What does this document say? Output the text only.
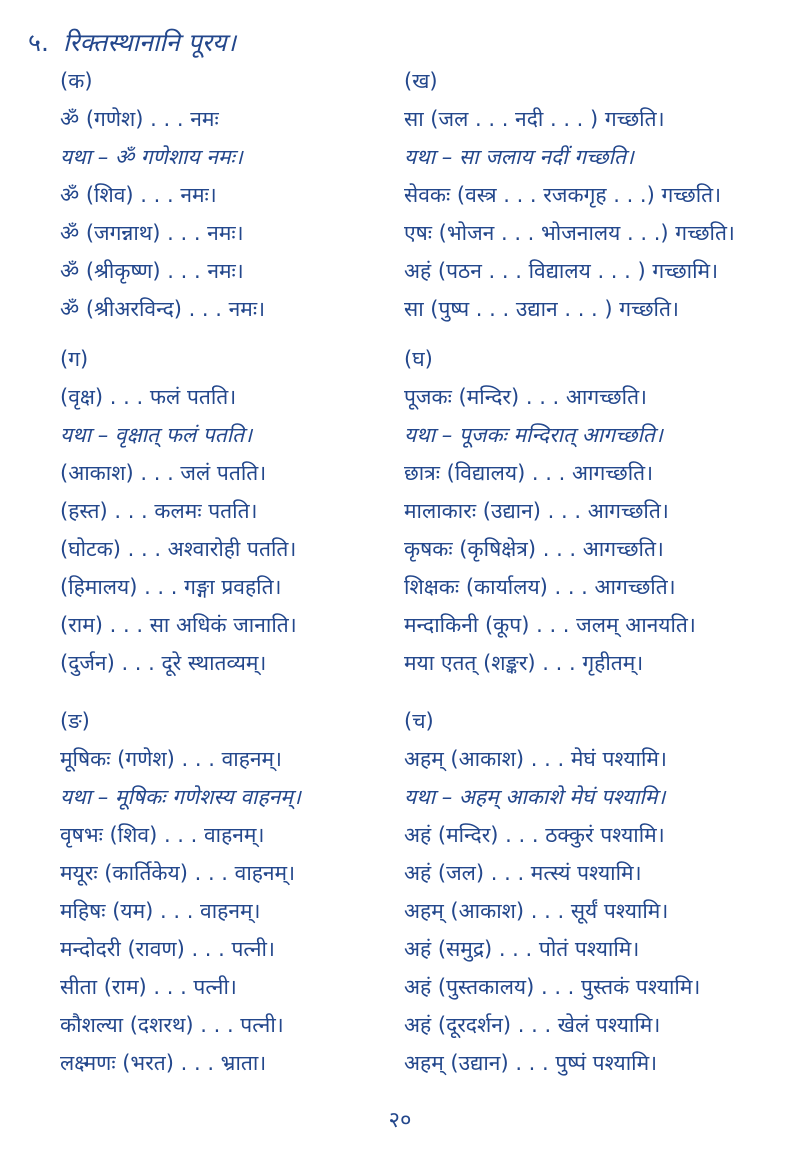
५. रिक्तस्थानानि पूरय।
(क)
ॐ (गणेश) . . . नमः
यथा – ॐ गणेशाय नमः।
ॐ (शिव) . . . नमः।
ॐ (जगन्नाथ) . . . नमः।
ॐ (श्रीकृष्ण) . . . नमः।
ॐ (श्रीअरविन्द) . . . नमः।
(ख)
सा (जल . . . नदी . . . ) गच्छति।
यथा – सा जलाय नदीं गच्छति।
सेवकः (वस्त्र . . . रजकगृह . . .) गच्छति।
एषः (भोजन . . . भोजनालय . . .) गच्छति।
अहं (पठन . . . विद्यालय . . . ) गच्छामि।
सा (पुष्प . . . उद्यान . . . ) गच्छति।
(ग)
(वृक्ष) . . . फलं पतति।
यथा – वृक्षात् फलं पतति।
(आकाश) . . . जलं पतति।
(हस्त) . . . कलमः पतति।
(घोटक) . . . अश्वारोही पतति।
(हिमालय) . . . गङ्गा प्रवहति।
(राम) . . . सा अधिकं जानाति।
(दुर्जन) . . . दूरे स्थातव्यम्।
(घ)
पूजकः (मन्दिर) . . . आगच्छति।
यथा – पूजकः मन्दिरात् आगच्छति।
छात्रः (विद्यालय) . . . आगच्छति।
मालाकारः (उद्यान) . . . आगच्छति।
कृषकः (कृषिक्षेत्र) . . . आगच्छति।
शिक्षकः (कार्यालय) . . . आगच्छति।
मन्दाकिनी (कूप) . . . जलम् आनयति।
मया एतत् (शङ्कर) . . . गृहीतम्।
(ङ)
मूषिकः (गणेश) . . . वाहनम्।
यथा – मूषिकः गणेशस्य वाहनम्।
वृषभः (शिव) . . . वाहनम्।
मयूरः (कार्तिकेय) . . . वाहनम्।
महिषः (यम) . . . वाहनम्।
मन्दोदरी (रावण) . . . पत्नी।
सीता (राम) . . . पत्नी।
कौशल्या (दशरथ) . . . पत्नी।
लक्ष्मणः (भरत) . . . भ्राता।
(च)
अहम् (आकाश) . . . मेघं पश्यामि।
यथा – अहम् आकाशे मेघं पश्यामि।
अहं (मन्दिर) . . . ठक्कुरं पश्यामि।
अहं (जल) . . . मत्स्यं पश्यामि।
अहम् (आकाश) . . . सूर्यं पश्यामि।
अहं (समुद्र) . . . पोतं पश्यामि।
अहं (पुस्तकालय) . . . पुस्तकं पश्यामि।
अहं (दूरदर्शन) . . . खेलं पश्यामि।
अहम् (उद्यान) . . . पुष्पं पश्यामि।
२०
